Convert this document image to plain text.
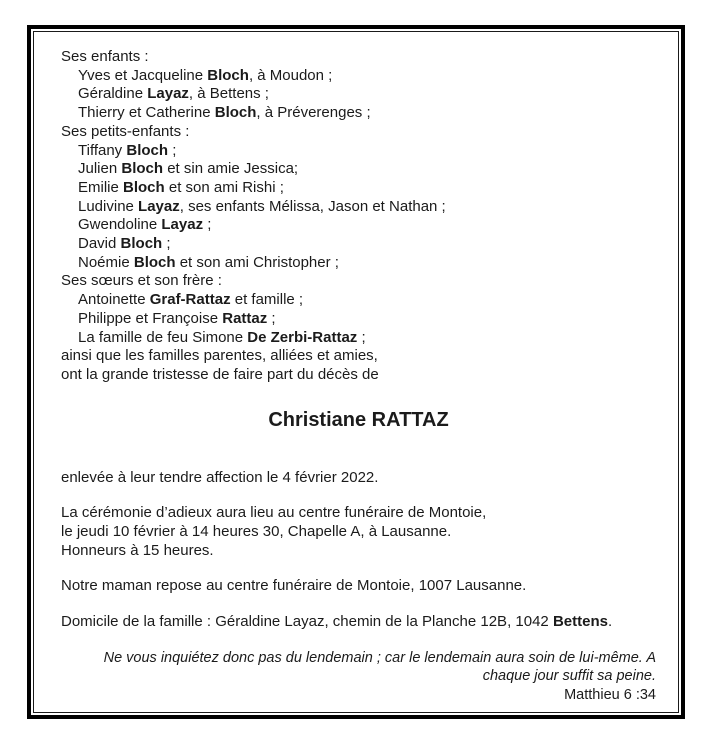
Ses enfants :
Yves et Jacqueline Bloch, à Moudon ;
Géraldine Layaz, à Bettens ;
Thierry et Catherine Bloch, à Préverenges ;
Ses petits-enfants :
Tiffany Bloch ;
Julien Bloch et sin amie Jessica;
Emilie Bloch et son ami Rishi ;
Ludivine Layaz, ses enfants Mélissa, Jason et Nathan ;
Gwendoline Layaz ;
David Bloch ;
Noémie Bloch et son ami Christopher ;
Ses sœurs et son frère :
Antoinette Graf-Rattaz et famille ;
Philippe et Françoise Rattaz ;
La famille de feu Simone De Zerbi-Rattaz ;
ainsi que les familles parentes, alliées et amies,
ont la grande tristesse de faire part du décès de
Christiane RATTAZ
enlevée à leur tendre affection le 4 février 2022.
La cérémonie d’adieux aura lieu au centre funéraire de Montoie,
le jeudi 10 février à 14 heures 30, Chapelle A, à Lausanne.
Honneurs à 15 heures.
Notre maman repose au centre funéraire de Montoie, 1007 Lausanne.
Domicile de la famille : Géraldine Layaz, chemin de la Planche 12B, 1042 Bettens.
Ne vous inquiétez donc pas du lendemain ; car le lendemain aura soin de lui-même. A
chaque jour suffit sa peine.
Matthieu 6 :34
